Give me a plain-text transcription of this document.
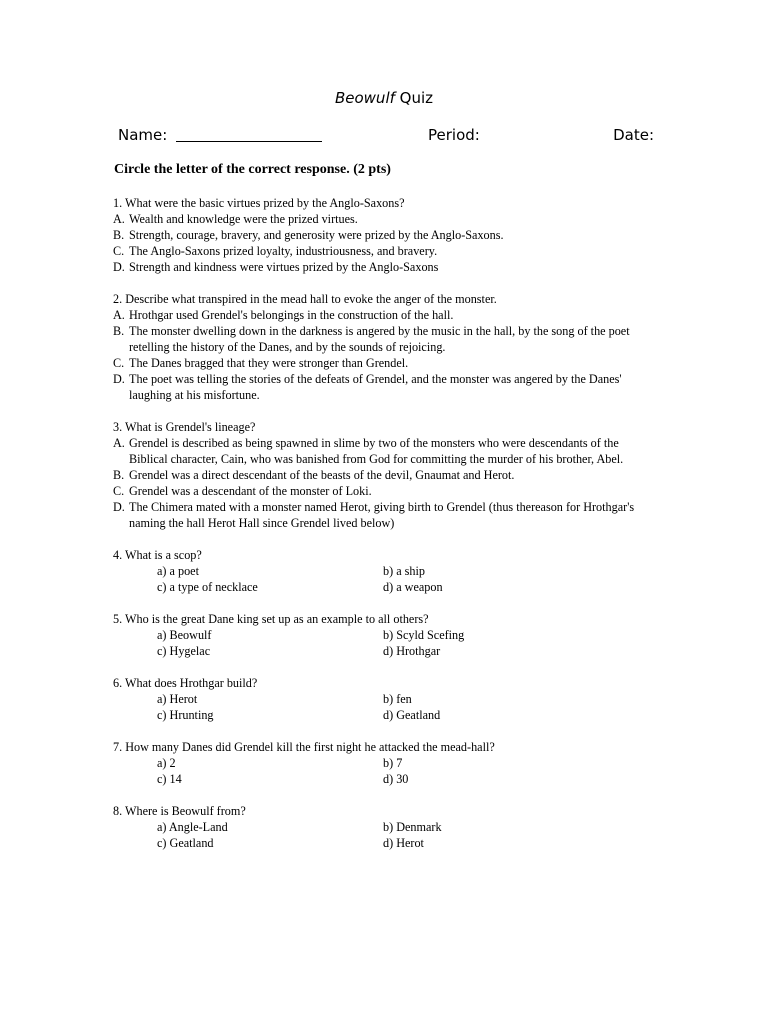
Beowulf Quiz
Name:	Period:	Date:
Circle the letter of the correct response. (2 pts)
1. What were the basic virtues prized by the Anglo-Saxons?
A. Wealth and knowledge were the prized virtues.
B. Strength, courage, bravery, and generosity were prized by the Anglo-Saxons.
C. The Anglo-Saxons prized loyalty, industriousness, and bravery.
D. Strength and kindness were virtues prized by the Anglo-Saxons
2. Describe what transpired in the mead hall to evoke the anger of the monster.
A. Hrothgar used Grendel's belongings in the construction of the hall.
B. The monster dwelling down in the darkness is angered by the music in the hall, by the song of the poet retelling the history of the Danes, and by the sounds of rejoicing.
C. The Danes bragged that they were stronger than Grendel.
D. The poet was telling the stories of the defeats of Grendel, and the monster was angered by the Danes' laughing at his misfortune.
3. What is Grendel's lineage?
A. Grendel is described as being spawned in slime by two of the monsters who were descendants of the Biblical character, Cain, who was banished from God for committing the murder of his brother, Abel.
B. Grendel was a direct descendant of the beasts of the devil, Gnaumat and Herot.
C. Grendel was a descendant of the monster of Loki.
D. The Chimera mated with a monster named Herot, giving birth to Grendel (thus thereason for Hrothgar's naming the hall Herot Hall since Grendel lived below)
4. What is a scop?
a) a poet	b) a ship
c) a type of necklace	d) a weapon
5. Who is the great Dane king set up as an example to all others?
a) Beowulf	b) Scyld Scefing
c) Hygelac	d) Hrothgar
6. What does Hrothgar build?
a) Herot	b) fen
c) Hrunting	d) Geatland
7. How many Danes did Grendel kill the first night he attacked the mead-hall?
a) 2	b) 7
c) 14	d) 30
8. Where is Beowulf from?
a) Angle-Land	b) Denmark
c) Geatland	d) Herot
